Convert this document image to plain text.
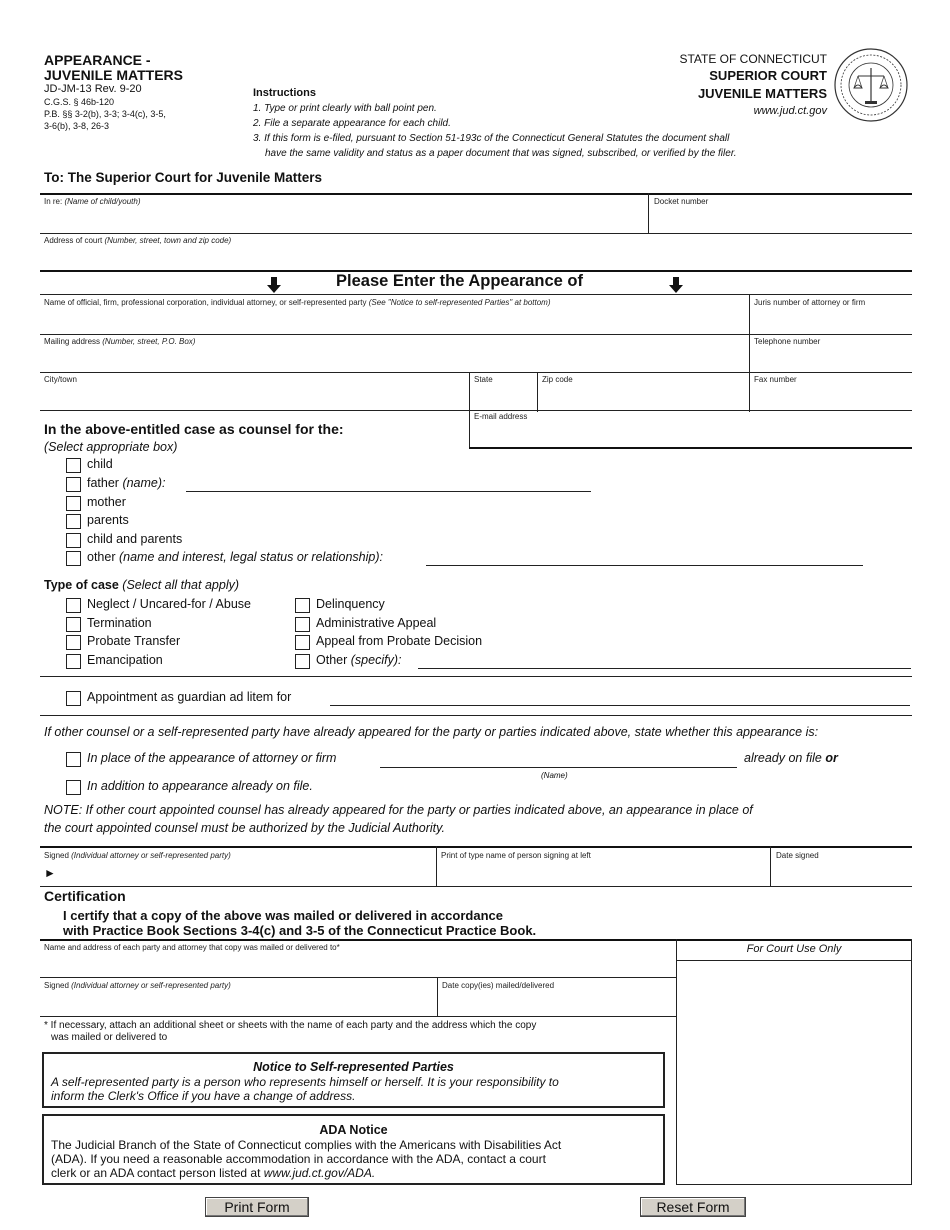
APPEARANCE -
JUVENILE MATTERS
JD-JM-13 Rev. 9-20
C.G.S. § 46b-120
P.B. §§ 3-2(b), 3-3; 3-4(c), 3-5,
3-6(b), 3-8, 26-3
Instructions
1. Type or print clearly with ball point pen.
2. File a separate appearance for each child.
3. If this form is e-filed, pursuant to Section 51-193c of the Connecticut General Statutes the document shall
have the same validity and status as a paper document that was signed, subscribed, or verified by the filer.
STATE OF CONNECTICUT
SUPERIOR COURT
JUVENILE MATTERS
www.jud.ct.gov
To: The Superior Court for Juvenile Matters
In re: (Name of child/youth)	Docket number
Address of court (Number, street, town and zip code)
Please Enter the Appearance of
Name of official, firm, professional corporation, individual attorney, or self-represented party (See "Notice to self-represented Parties" at bottom)	Juris number of attorney or firm
Mailing address (Number, street, P.O. Box)	Telephone number
City/town	State	Zip code	Fax number
E-mail address
In the above-entitled case as counsel for the:
(Select appropriate box)
child
father (name):
mother
parents
child and parents
other (name and interest, legal status or relationship):
Type of case (Select all that apply)
Neglect / Uncared-for / Abuse
Termination
Probate Transfer
Emancipation
Delinquency
Administrative Appeal
Appeal from Probate Decision
Other (specify):
Appointment as guardian ad litem for
If other counsel or a self-represented party have already appeared for the party or parties indicated above, state whether this appearance is:
In place of the appearance of attorney or firm	already on file or
(Name)
In addition to appearance already on file.
NOTE: If other court appointed counsel has already appeared for the party or parties indicated above, an appearance in place of
the court appointed counsel must be authorized by the Judicial Authority.
Signed (Individual attorney or self-represented party)
►
Print of type name of person signing at left	Date signed
Certification
I certify that a copy of the above was mailed or delivered in accordance
with Practice Book Sections 3-4(c) and 3-5 of the Connecticut Practice Book.
Name and address of each party and attorney that copy was mailed or delivered to*	For Court Use Only
Signed (Individual attorney or self-represented party)	Date copy(ies) mailed/delivered
* If necessary, attach an additional sheet or sheets with the name of each party and the address which the copy
was mailed or delivered to
Notice to Self-represented Parties
A self-represented party is a person who represents himself or herself. It is your responsibility to
inform the Clerk's Office if you have a change of address.
ADA Notice
The Judicial Branch of the State of Connecticut complies with the Americans with Disabilities Act
(ADA). If you need a reasonable accommodation in accordance with the ADA, contact a court
clerk or an ADA contact person listed at www.jud.ct.gov/ADA.
Print Form	Reset Form
